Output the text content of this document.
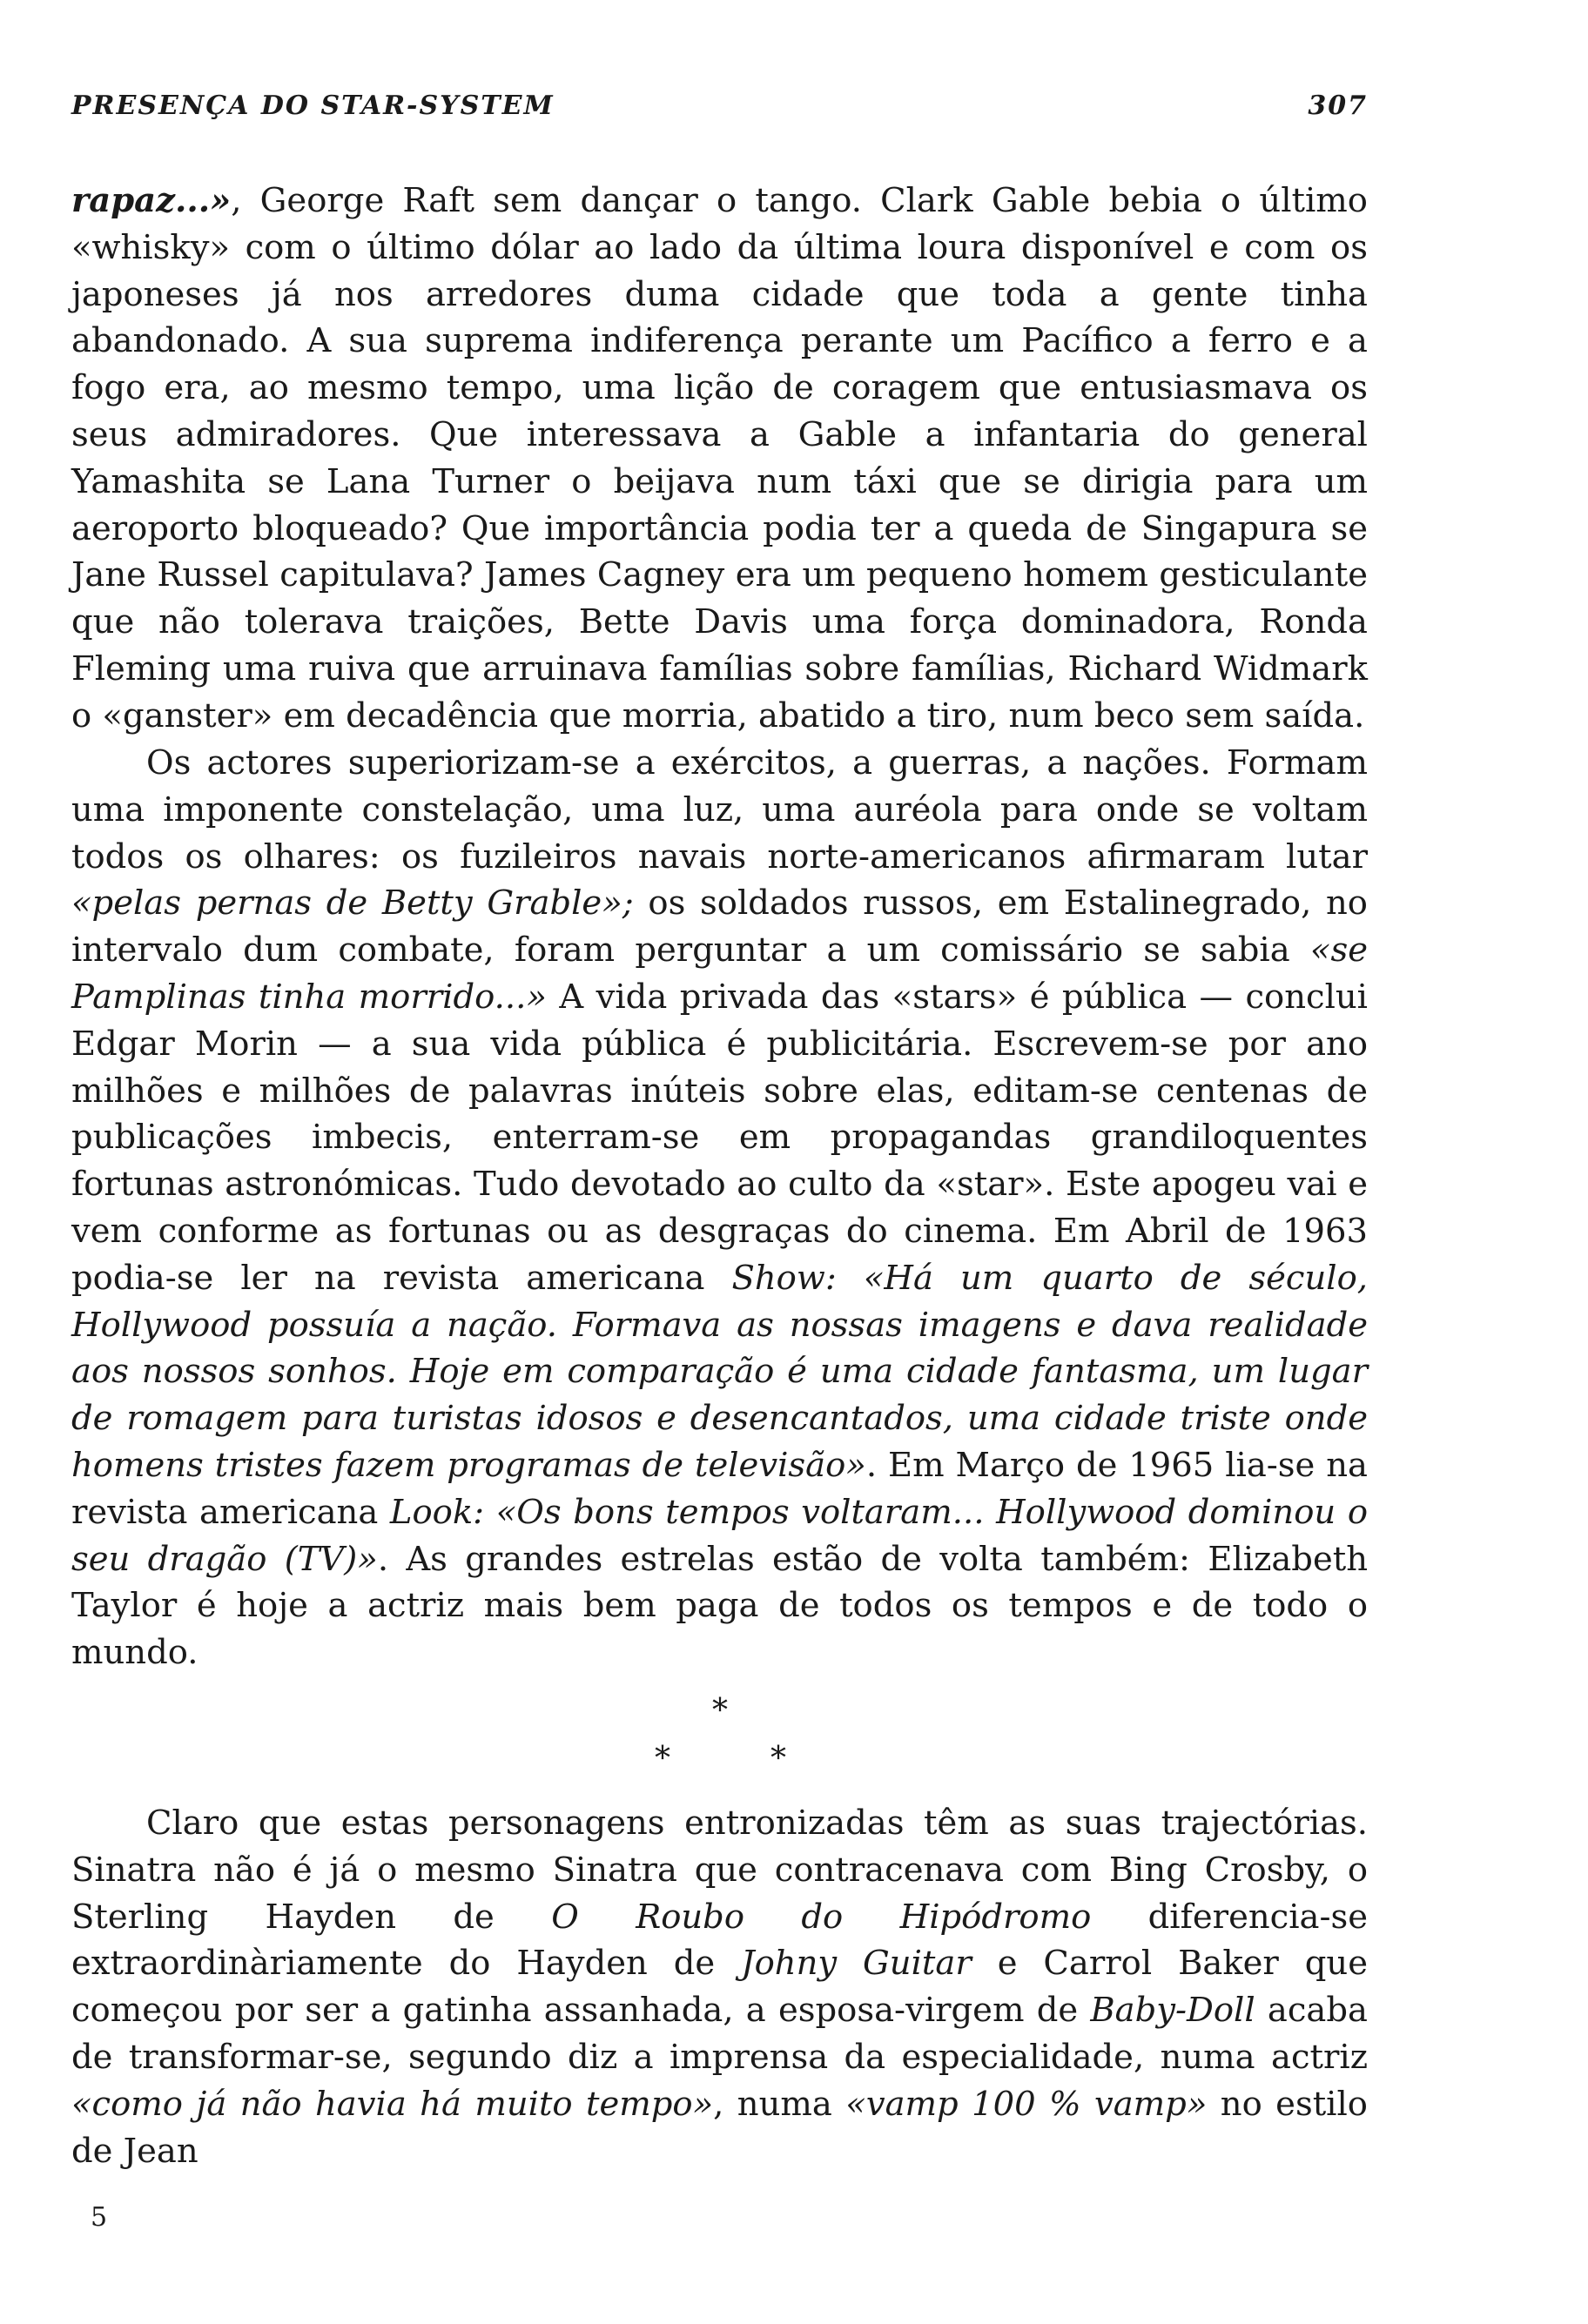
PRESENÇA DO STAR-SYSTEM	307

rapaz...», George Raft sem dançar o tango. Clark Gable bebia o último «whisky» com o último dólar ao lado da última loura disponível e com os japoneses já nos arredores duma cidade que toda a gente tinha abandonado. A sua suprema indiferença perante um Pacífico a ferro e a fogo era, ao mesmo tempo, uma lição de coragem que entusiasmava os seus admiradores. Que interessava a Gable a infantaria do general Yamashita se Lana Turner o beijava num táxi que se dirigia para um aeroporto bloqueado? Que importância podia ter a queda de Singapura se Jane Russel capitulava? James Cagney era um pequeno homem gesticulante que não tolerava traições, Bette Davis uma força dominadora, Ronda Fleming uma ruiva que arruinava famílias sobre famílias, Richard Widmark o «ganster» em decadência que morria, abatido a tiro, num beco sem saída.

Os actores superiorizam-se a exércitos, a guerras, a nações. Formam uma imponente constelação, uma luz, uma auréola para onde se voltam todos os olhares: os fuzileiros navais norte-americanos afirmaram lutar «pelas pernas de Betty Grable»; os soldados russos, em Estalinegrado, no intervalo dum combate, foram perguntar a um comissário se sabia «se Pamplinas tinha morrido...» A vida privada das «stars» é pública — conclui Edgar Morin — a sua vida pública é publicitária. Escrevem-se por ano milhões e milhões de palavras inúteis sobre elas, editam-se centenas de publicações imbecis, enterram-se em propagandas grandiloquentes fortunas astronómicas. Tudo devotado ao culto da «star». Este apogeu vai e vem conforme as fortunas ou as desgraças do cinema. Em Abril de 1963 podia-se ler na revista americana Show: «Há um quarto de século, Hollywood possuía a nação. Formava as nossas imagens e dava realidade aos nossos sonhos. Hoje em comparação é uma cidade fantasma, um lugar de romagem para turistas idosos e desencantados, uma cidade triste onde homens tristes fazem programas de televisão». Em Março de 1965 lia-se na revista americana Look: «Os bons tempos voltaram... Hollywood dominou o seu dragão (TV)». As grandes estrelas estão de volta também: Elizabeth Taylor é hoje a actriz mais bem paga de todos os tempos e de todo o mundo.

*
*	*

Claro que estas personagens entronizadas têm as suas trajectórias. Sinatra não é já o mesmo Sinatra que contracenava com Bing Crosby, o Sterling Hayden de O Roubo do Hipódromo diferencia-se extraordinàriamente do Hayden de Johny Guitar e Carrol Baker que começou por ser a gatinha assanhada, a esposa-virgem de Baby-Doll acaba de transformar-se, segundo diz a imprensa da especialidade, numa actriz «como já não havia há muito tempo», numa «vamp 100 % vamp» no estilo de Jean

5
